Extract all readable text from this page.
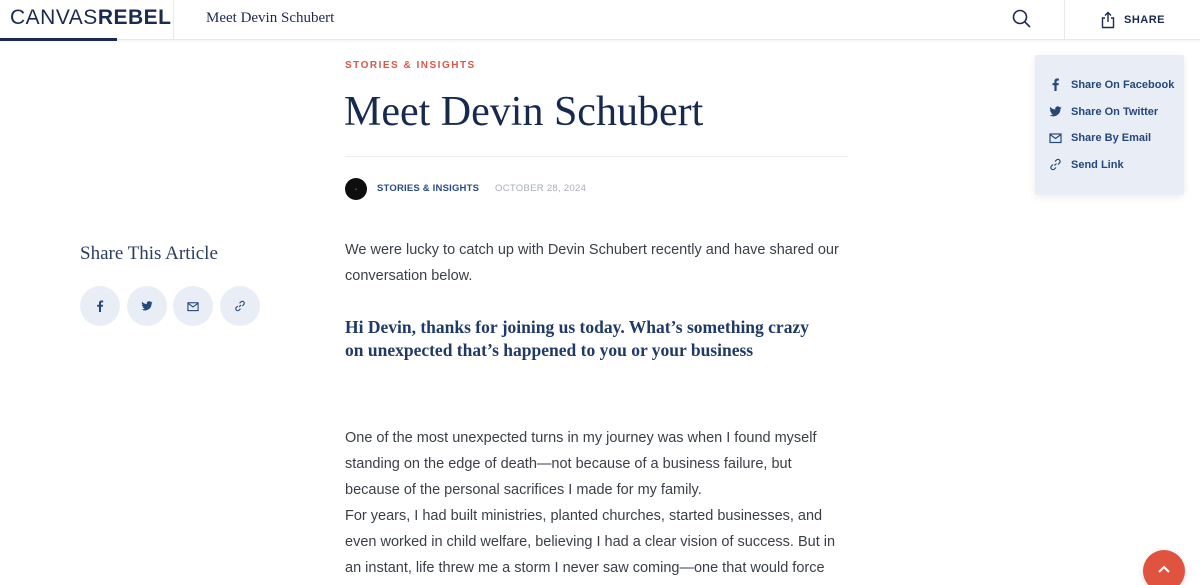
CANVASREBEL Meet Devin Schubert	SHARE
Share On Facebook
Share On Twitter
Share By Email
Send Link
STORIES & INSIGHTS
Meet Devin Schubert
● STORIES & INSIGHTS OCTOBER 28, 2024
Share This Article	We were lucky to catch up with Devin Schubert recently and have shared our
conversation below.
Hi Devin, thanks for joining us today. What’s something crazy
on unexpected that’s happened to you or your business
One of the most unexpected turns in my journey was when I found myself
standing on the edge of death—not because of a business failure, but
because of the personal sacrifices I made for my family.
For years, I had built ministries, planted churches, started businesses, and
even worked in child welfare, believing I had a clear vision of success. But in
an instant, life threw me a storm I never saw coming—one that would force
